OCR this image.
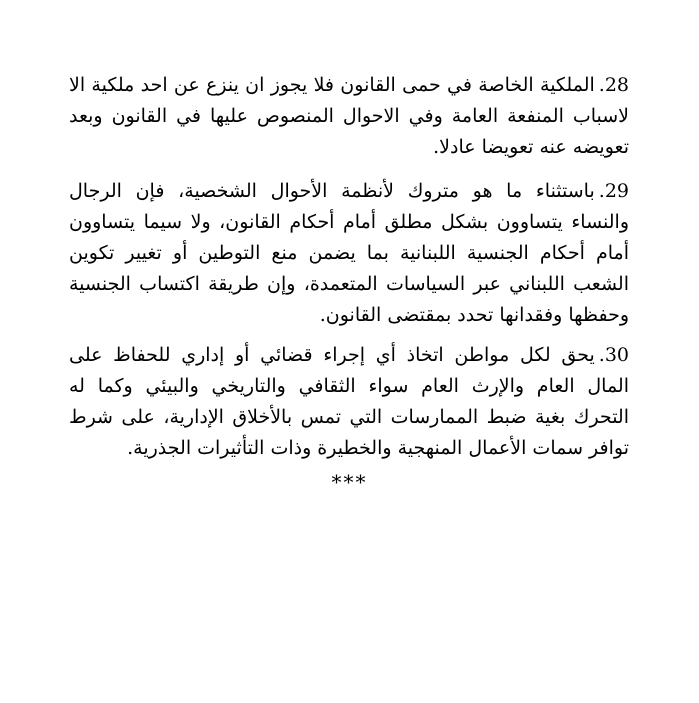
28.الملكية الخاصة في حمى القانون فلا يجوز ان ينزع عن احد ملكية الا لاسباب المنفعة العامة وفي الاحوال المنصوص عليها في القانون وبعد تعويضه عنه تعويضا عادلا.
29.باستثناء ما هو متروك لأنظمة الأحوال الشخصية، فإن الرجال والنساء يتساوون بشكل مطلق أمام أحكام القانون، ولا سيما يتساوون أمام أحكام الجنسية اللبنانية بما يضمن منع التوطين أو تغيير تكوين الشعب اللبناني عبر السياسات المتعمدة، وإن طريقة اكتساب الجنسية وحفظها وفقدانها تحدد بمقتضى القانون.
30.يحق لكل مواطن اتخاذ أي إجراء قضائي أو إداري للحفاظ على المال العام والإرث العام سواء الثقافي والتاريخي والبيئي وكما له التحرك بغية ضبط الممارسات التي تمس بالأخلاق الإدارية، على شرط توافر سمات الأعمال المنهجية والخطيرة وذات التأثيرات الجذرية.
***
